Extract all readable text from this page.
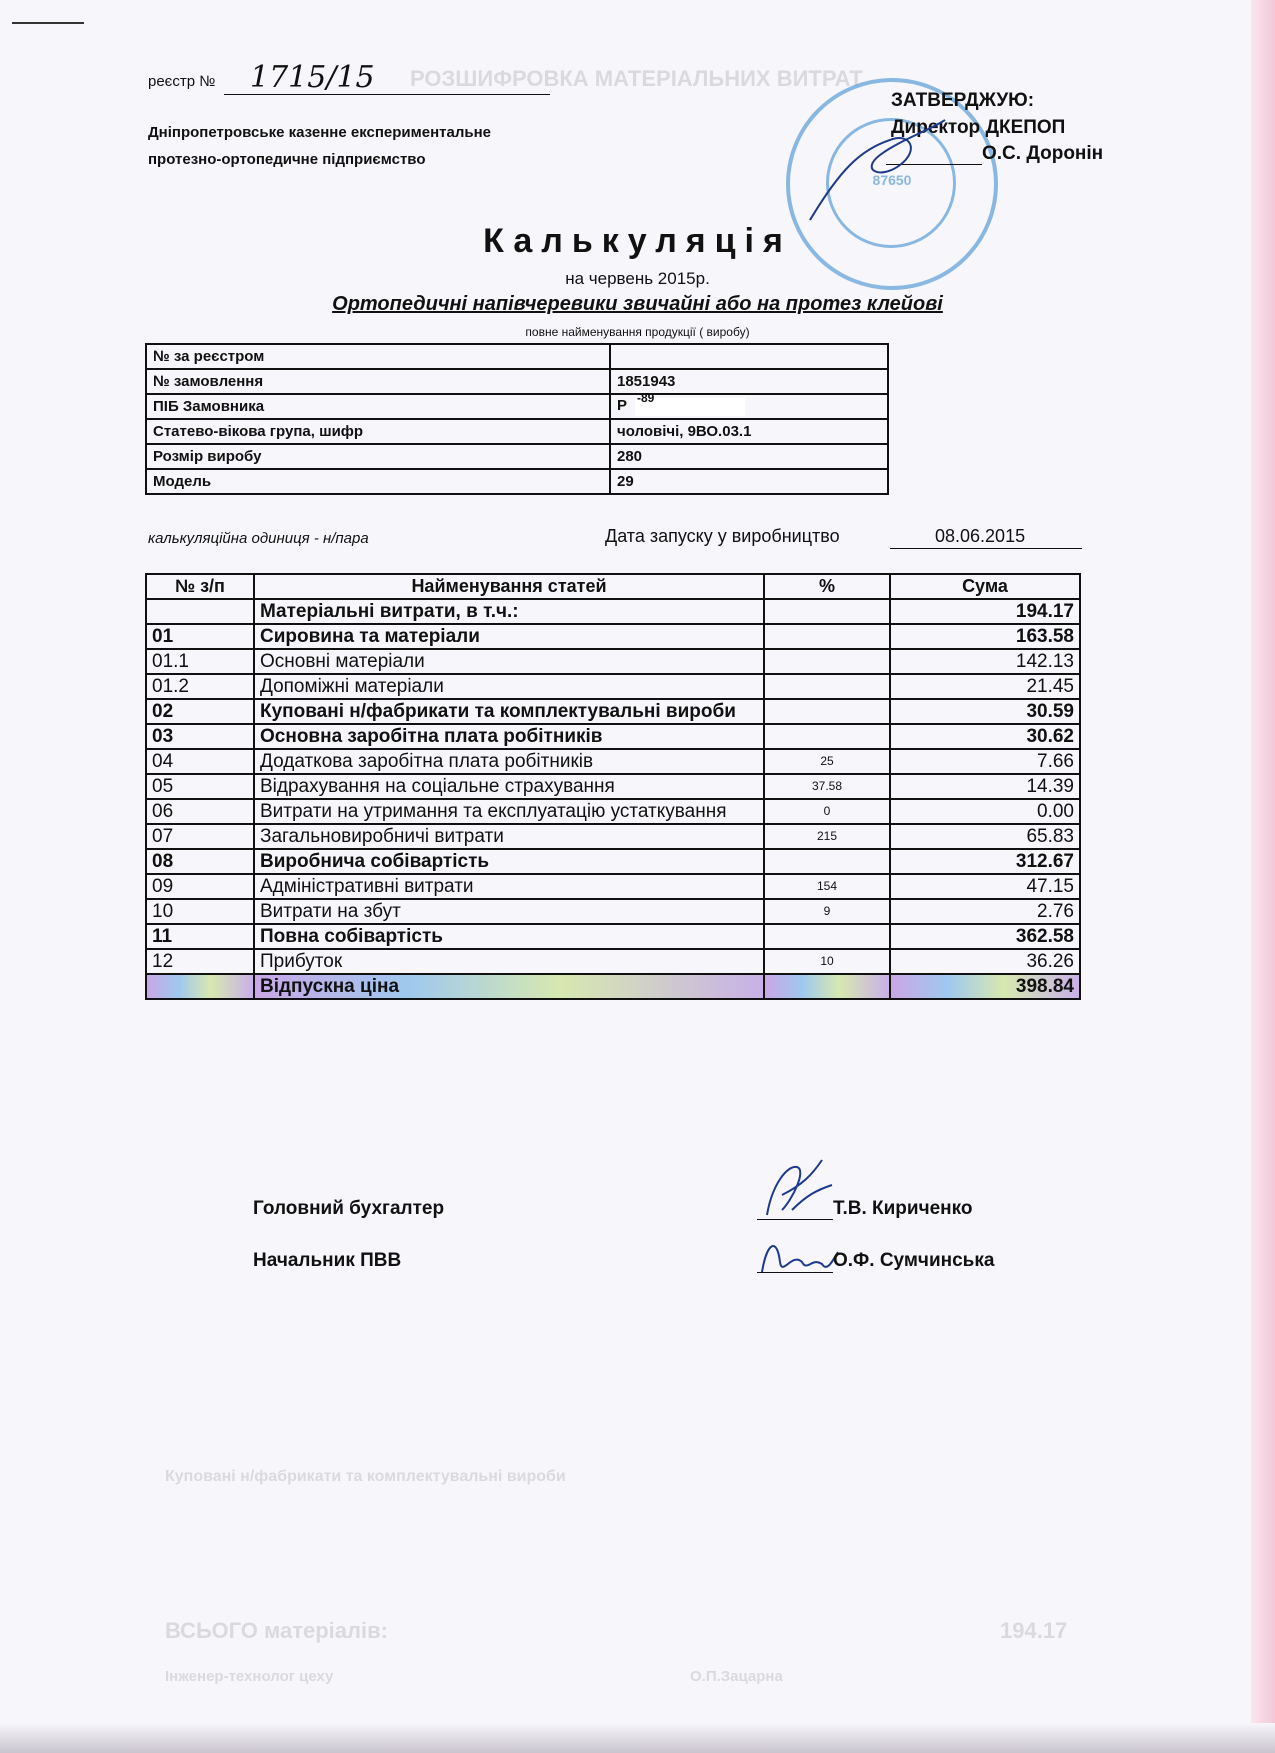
РОЗШИФРОВКА МАТЕРІАЛЬНИХ ВИТРАТ
Куповані н/фабрикати та комплектувальні вироби
ВСЬОГО матеріалів:	194.17
Інженер-технолог цеху	О.П.Зацарна
реєстр № 1715/15
Дніпропетровське казенне експериментальне
протезно-ортопедичне підприємство
87650
ЗАТВЕРДЖУЮ:
Директор ДКЕПОП
О.С. Доронін
Калькуляція
на червень 2015р.
Ортопедичні напівчеревики звичайні або на протез клейові
повне найменування продукції ( виробу)
№ за реєстром	
№ замовлення	1851943
ПІБ Замовника	Р -89

Статево-вікова група, шифр	чоловічі, 9ВО.03.1
Розмір виробу	280
Модель	29
калькуляційна одиниця - н/пара	Дата запуску у виробництво	08.06.2015
№ з/п	Найменування статей	%	Сума
	Матеріальні витрати, в т.ч.:		194.17
01	Сировина та матеріали		163.58
01.1	Основні матеріали		142.13
01.2	Допоміжні матеріали		21.45
02	Куповані н/фабрикати та комплектувальні вироби		30.59
03	Основна заробітна плата робітників		30.62
04	Додаткова заробітна плата робітників	25	7.66
05	Відрахування на соціальне страхування	37.58	14.39
06	Витрати на утримання та експлуатацію устаткування	0	0.00
07	Загальновиробничі витрати	215	65.83
08	Виробнича собівартість		312.67
09	Адміністративні витрати	154	47.15
10	Витрати на збут	9	2.76
11	Повна собівартість		362.58
12	Прибуток	10	36.26
	Відпускна ціна		398.84
Головний бухгалтер	Т.В. Кириченко
Начальник ПВВ	О.Ф. Сумчинська
